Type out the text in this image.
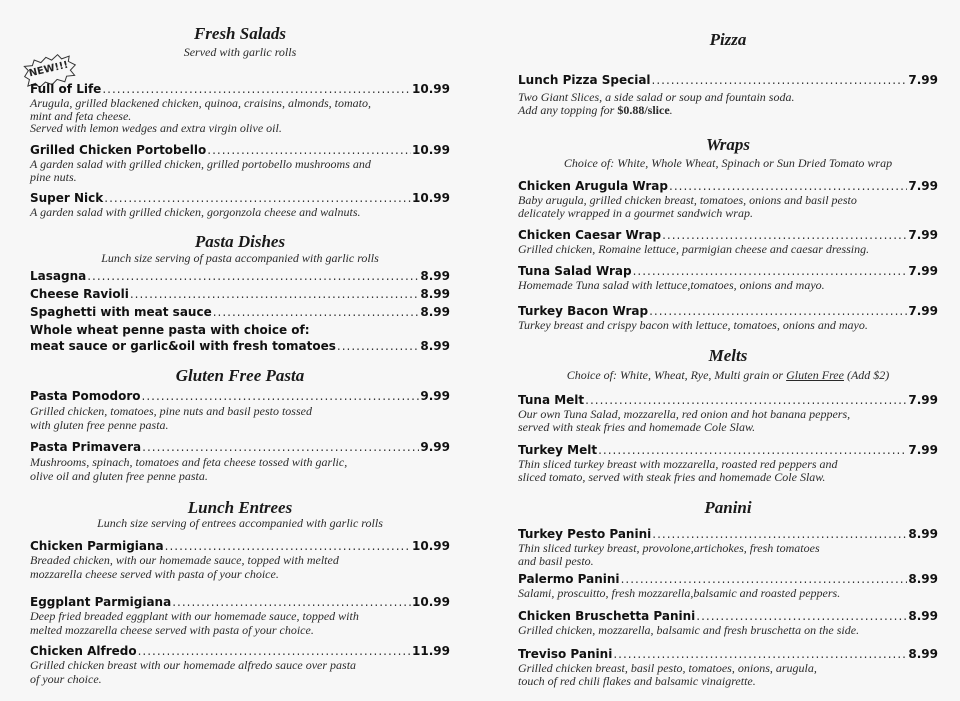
Fresh Salads
Served with garlic rolls
NEW!!!
Full of Life .....	10.99
Arugula, grilled blackened chicken, quinoa, craisins, almonds, tomato,
mint and feta cheese.
Served with lemon wedges and extra virgin olive oil.
Grilled Chicken Portobello .....	10.99
A garden salad with grilled chicken, grilled portobello mushrooms and
pine nuts.
Super Nick .....	10.99
A garden salad with grilled chicken, gorgonzola cheese and walnuts.
Pasta Dishes
Lunch size serving of pasta accompanied with garlic rolls
Lasagna .....	8.99
Cheese Ravioli .....	8.99
Spaghetti with meat sauce .....	8.99
Whole wheat penne pasta with choice of:
meat sauce or garlic&oil with fresh tomatoes .....	8.99
Gluten Free Pasta
Pasta Pomodoro .....	9.99
Grilled chicken, tomatoes, pine nuts and basil pesto tossed
with gluten free penne pasta.
Pasta Primavera .....	9.99
Mushrooms, spinach, tomatoes and feta cheese tossed with garlic,
olive oil and gluten free penne pasta.
Lunch Entrees
Lunch size serving of entrees accompanied with garlic rolls
Chicken Parmigiana .....	10.99
Breaded chicken, with our homemade sauce, topped with melted
mozzarella cheese served with pasta of your choice.
Eggplant Parmigiana .....	10.99
Deep fried breaded eggplant with our homemade sauce, topped with
melted mozzarella cheese served with pasta of your choice.
Chicken Alfredo .....	11.99
Grilled chicken breast with our homemade alfredo sauce over pasta
of your choice.
Pizza
Lunch Pizza Special .....	7.99
Two Giant Slices, a side salad or soup and fountain soda.
Add any topping for $0.88/slice.
Wraps
Choice of: White, Whole Wheat, Spinach or Sun Dried Tomato wrap
Chicken Arugula Wrap .....	7.99
Baby arugula, grilled chicken breast, tomatoes, onions and basil pesto
delicately wrapped in a gourmet sandwich wrap.
Chicken Caesar Wrap .....	7.99
Grilled chicken, Romaine lettuce, parmigian cheese and caesar dressing.
Tuna Salad Wrap .....	7.99
Homemade Tuna salad with lettuce,tomatoes, onions and mayo.
Turkey Bacon Wrap .....	7.99
Turkey breast and crispy bacon with lettuce, tomatoes, onions and mayo.
Melts
Choice of: White, Wheat, Rye, Multi grain or Gluten Free (Add $2)
Tuna Melt .....	7.99
Our own Tuna Salad, mozzarella, red onion and hot banana peppers,
served with steak fries and homemade Cole Slaw.
Turkey Melt .....	7.99
Thin sliced turkey breast with mozzarella, roasted red peppers and
sliced tomato, served with steak fries and homemade Cole Slaw.
Panini
Turkey Pesto Panini .....	8.99
Thin sliced turkey breast, provolone,artichokes, fresh tomatoes
and basil pesto.
Palermo Panini .....	8.99
Salami, proscuitto, fresh mozzarella,balsamic and roasted peppers.
Chicken Bruschetta Panini .....	8.99
Grilled chicken, mozzarella, balsamic and fresh bruschetta on the side.
Treviso Panini .....	8.99
Grilled chicken breast, basil pesto, tomatoes, onions, arugula,
touch of red chili flakes and balsamic vinaigrette.
